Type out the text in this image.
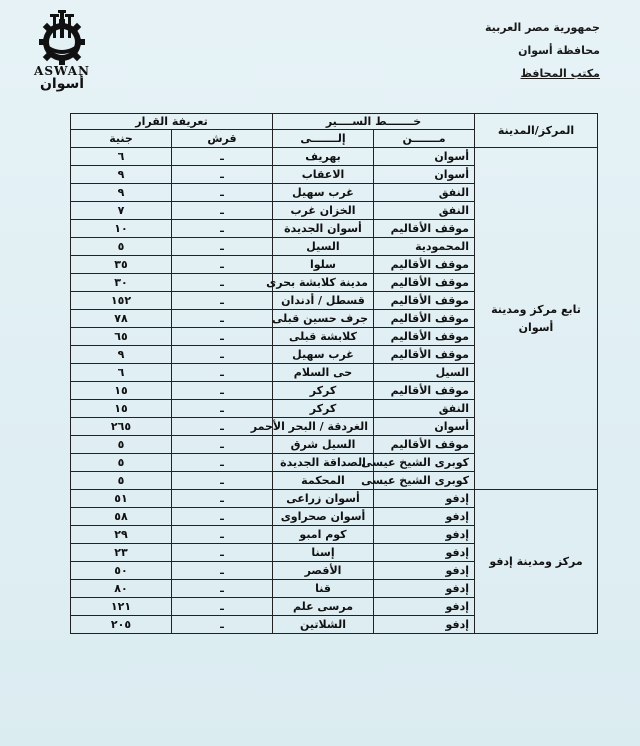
ASWAN
أسوان
جمهورية مصر العربية
محافظة أسوان
مكتب المحافظ
المركز/المدينة	خـــــــط الســــير		تعريفة القرار	
	مـــــــن	إلـــــــى	قرش	جنية
تابع مركز ومدينة أسوان	أسوان	بهريف	ـ	٦
	أسوان	الاعقاب	ـ	٩
	النفق	غرب سهيل	ـ	٩
	النفق	الخزان غرب	ـ	٧
	موقف الأقاليم	أسوان الجديدة	ـ	١٠
	المحمودية	السيل	ـ	٥
	موقف الأقاليم	سلوا	ـ	٣٥
	موقف الأقاليم	مدينة كلابشة بحرى	ـ	٣٠
	موقف الأقاليم	قسطل / أدندان	ـ	١٥٢
	موقف الأقاليم	جرف حسين قبلى	ـ	٧٨
	موقف الأقاليم	كلابشة قبلى	ـ	٦٥
	موقف الأقاليم	غرب سهيل	ـ	٩
	السيل	حى السلام	ـ	٦
	موقف الأقاليم	كركر	ـ	١٥
	النفق	كركر	ـ	١٥
	أسوان	الغردقة / البحر الأحمر	ـ	٢٦٥
	موقف الأقاليم	السيل شرق	ـ	٥
	كوبرى الشيخ عيسى	الصداقة الجديدة	ـ	٥
	كوبرى الشيخ عيسى	المحكمة	ـ	٥
مركز ومدينة إدفو	إدفو	أسوان زراعى	ـ	٥١
	إدفو	أسوان صحراوى	ـ	٥٨
	إدفو	كوم امبو	ـ	٢٩
	إدفو	إسنا	ـ	٢٣
	إدفو	الأقصر	ـ	٥٠
	إدفو	قنا	ـ	٨٠
	إدفو	مرسى علم	ـ	١٢١
	إدفو	الشلاتين	ـ	٢٠٥
